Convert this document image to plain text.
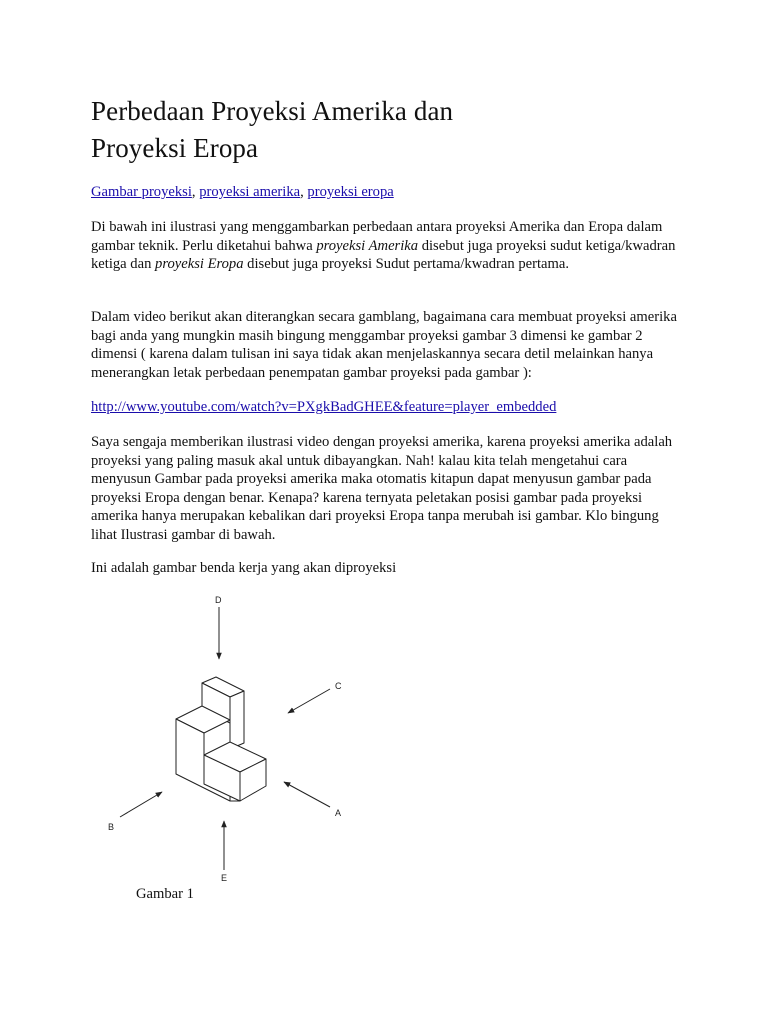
Perbedaan Proyeksi Amerika dan
Proyeksi Eropa

Gambar proyeksi, proyeksi amerika, proyeksi eropa

Di bawah ini ilustrasi yang menggambarkan perbedaan antara proyeksi Amerika dan Eropa dalam gambar teknik. Perlu diketahui bahwa proyeksi Amerika disebut juga proyeksi sudut ketiga/kwadran ketiga dan proyeksi Eropa disebut juga proyeksi Sudut pertama/kwadran pertama.

Dalam video berikut akan diterangkan secara gamblang, bagaimana cara membuat proyeksi amerika bagi anda yang mungkin masih bingung menggambar proyeksi gambar 3 dimensi ke gambar 2 dimensi ( karena dalam tulisan ini saya tidak akan menjelaskannya secara detil melainkan hanya menerangkan letak perbedaan penempatan gambar proyeksi pada gambar ):

http://www.youtube.com/watch?v=PXgkBadGHEE&feature=player_embedded

Saya sengaja memberikan ilustrasi video dengan proyeksi amerika, karena proyeksi amerika adalah proyeksi yang paling masuk akal untuk dibayangkan. Nah! kalau kita telah mengetahui cara menyusun Gambar pada proyeksi amerika maka otomatis kitapun dapat menyusun gambar pada proyeksi Eropa dengan benar. Kenapa? karena ternyata peletakan posisi gambar pada proyeksi amerika hanya merupakan kebalikan dari proyeksi Eropa tanpa merubah isi gambar. Klo bingung lihat Ilustrasi gambar di bawah.

Ini adalah gambar benda kerja yang akan diproyeksi

D
C
A
B
E
Gambar 1
